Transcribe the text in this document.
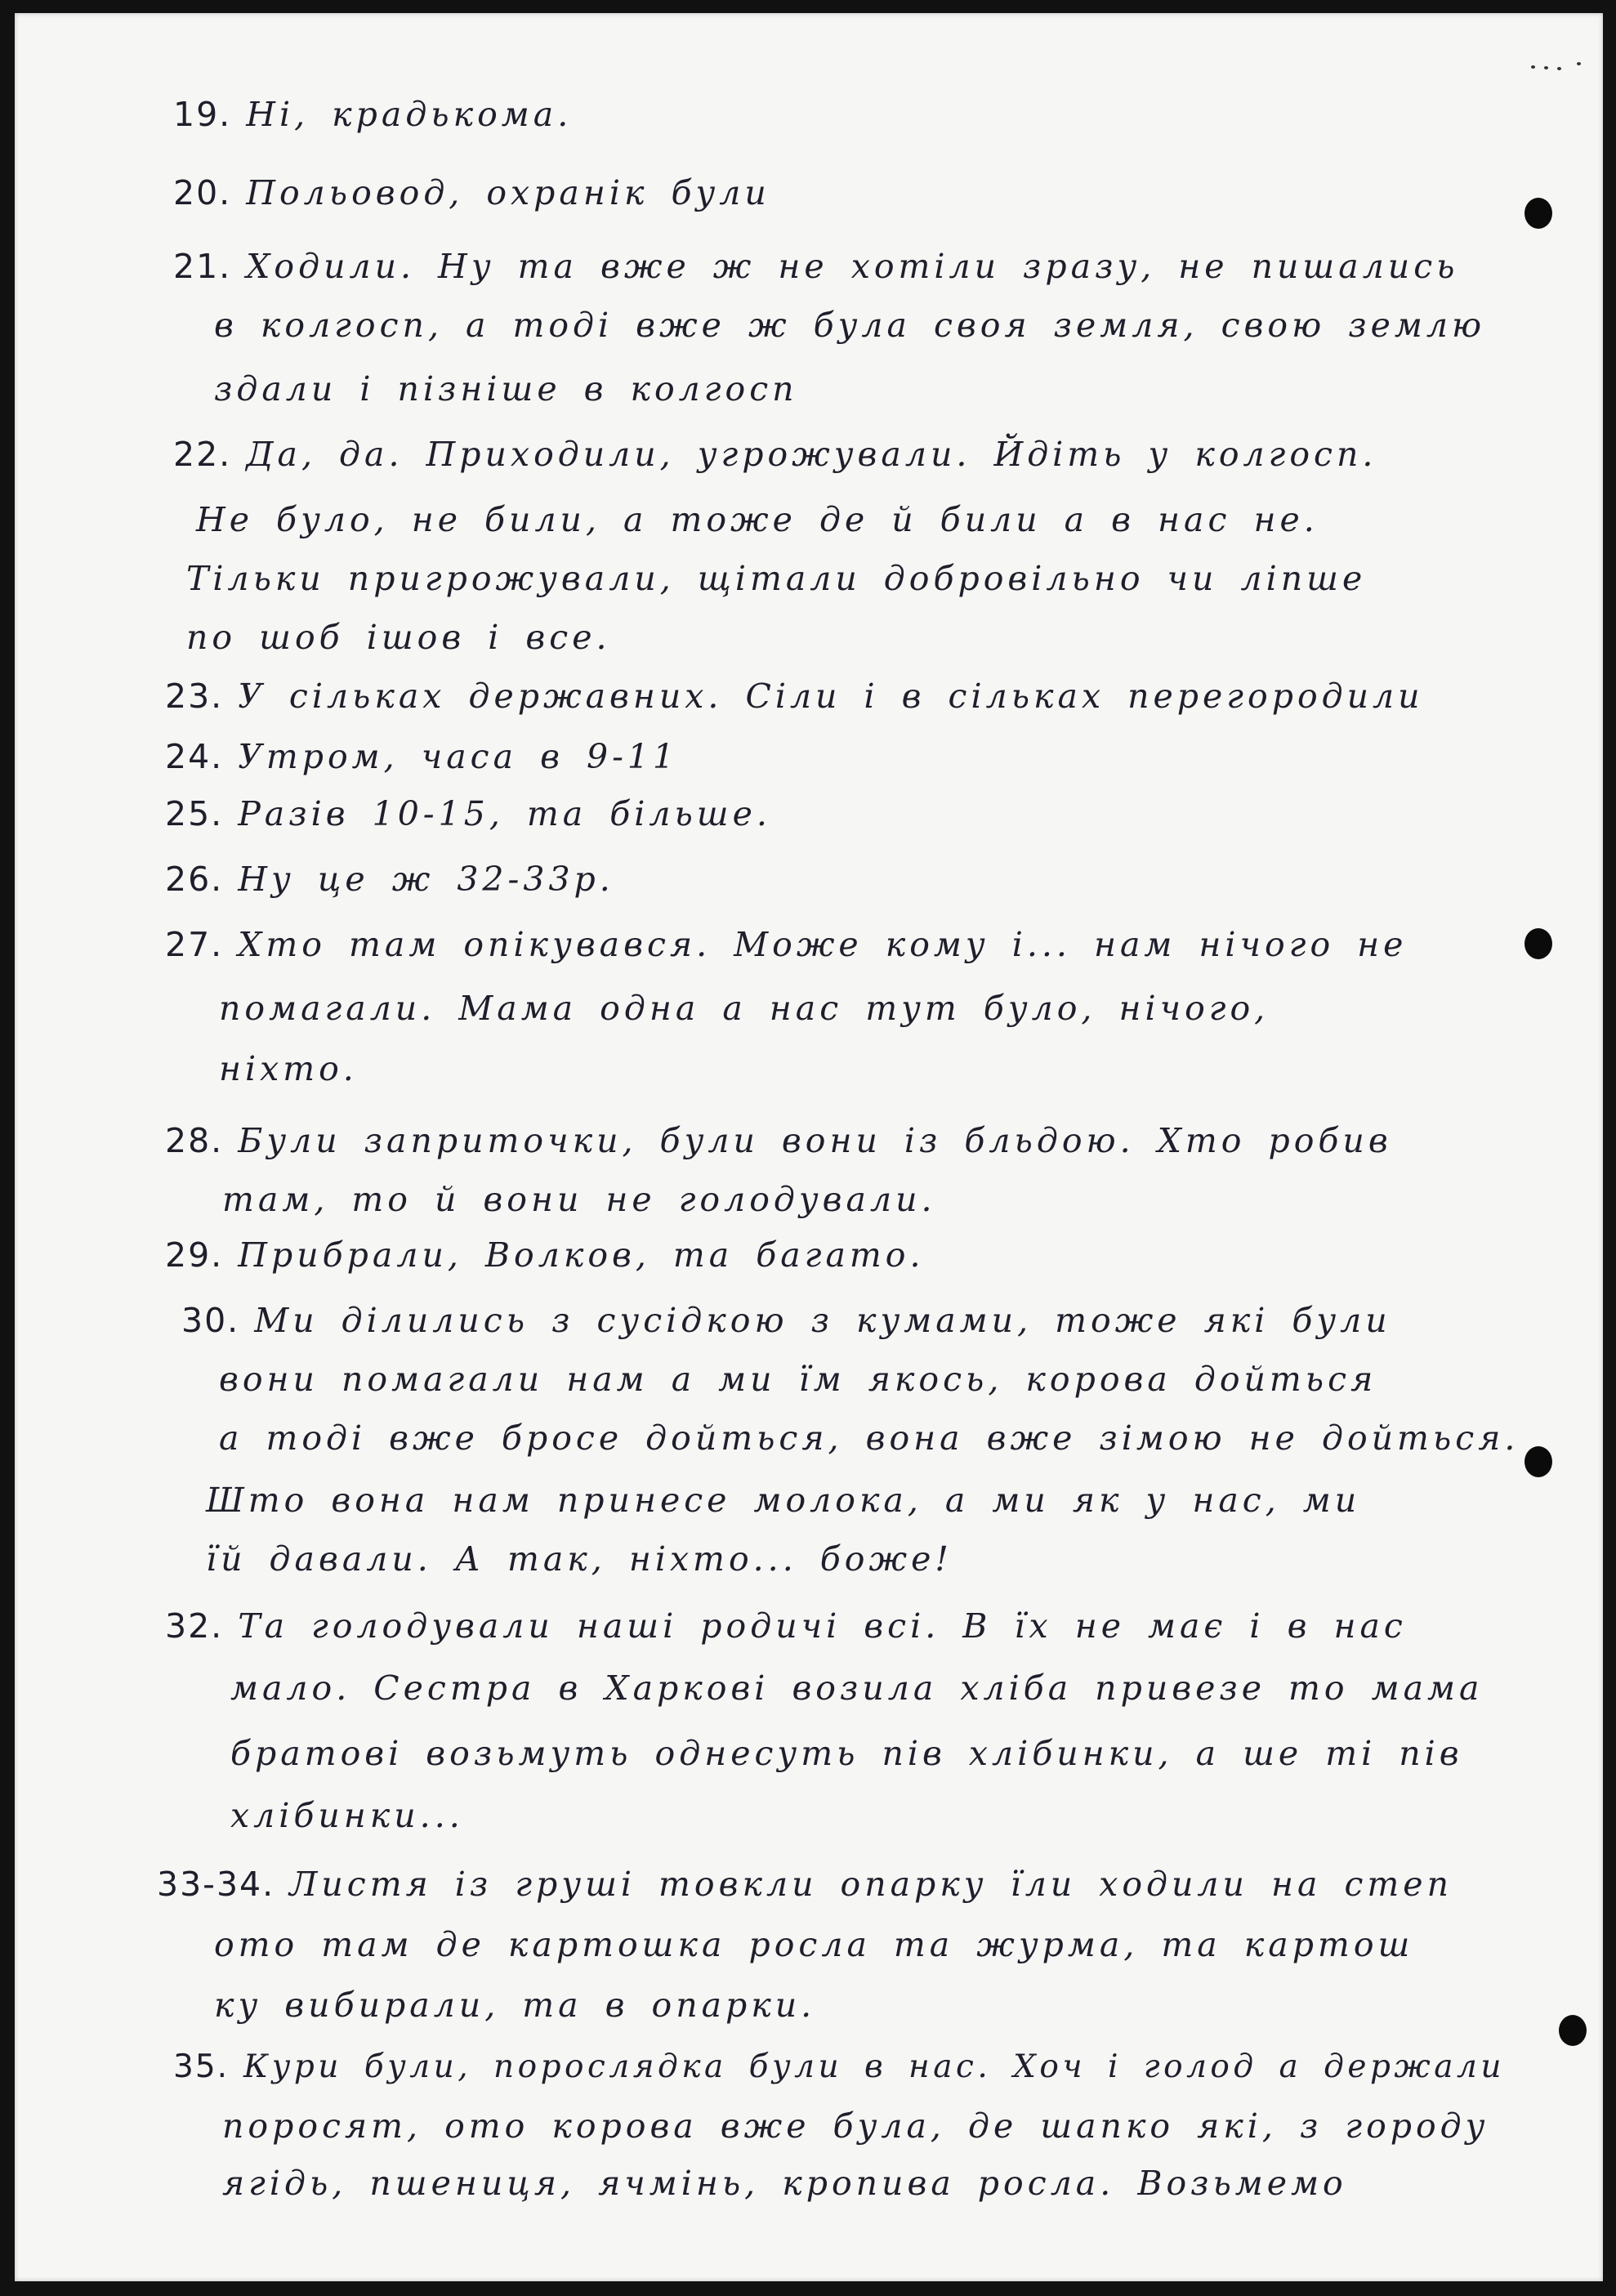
19. Ні, крадькома.
20. Польовод, охранік були
21. Ходили. Ну та вже ж не хотіли зразу, не пишались
в колгосп, а тоді вже ж була своя земля, свою землю
здали і пізніше в колгосп
22. Да, да. Приходили, угрожували. Йдіть у колгосп.
Не було, не били, а тоже де й били а в нас не.
Тільки пригрожували, щітали добровільно чи ліпше
по шоб ішов і все.
23. У сільках державних. Сіли і в сільках перегородили
24. Утром, часа в 9-11
25. Разів 10-15, та більше.
26. Ну це ж 32-33р.
27. Хто там опікувався. Може кому і... нам нічого не
помагали. Мама одна а нас тут було, нічого,
ніхто.
28. Були заприточки, були вони із бльдою. Хто робив
там, то й вони не голодували.
29. Прибрали, Волков, та багато.
30. Ми ділились з сусідкою з кумами, тоже які були
вони помагали нам а ми їм якось, корова дойться
а тоді вже бросе дойться, вона вже зімою не дойться.
Што вона нам принесе молока, а ми як у нас, ми
їй давали. А так, ніхто... боже!
32. Та голодували наші родичі всі. В їх не має і в нас
мало. Сестра в Харкові возила хліба привезе то мама
братові возьмуть однесуть пів хлібинки, а ше ті пів
хлібинки...
33-34. Листя із груші товкли опарку їли ходили на степ
ото там де картошка росла та журма, та картош
ку вибирали, та в опарки.
35. Кури були, порослядка були в нас. Хоч і голод а держали
поросят, ото корова вже була, де шапко які, з городу
ягідь, пшениця, ячмінь, кропива росла. Возьмемо
